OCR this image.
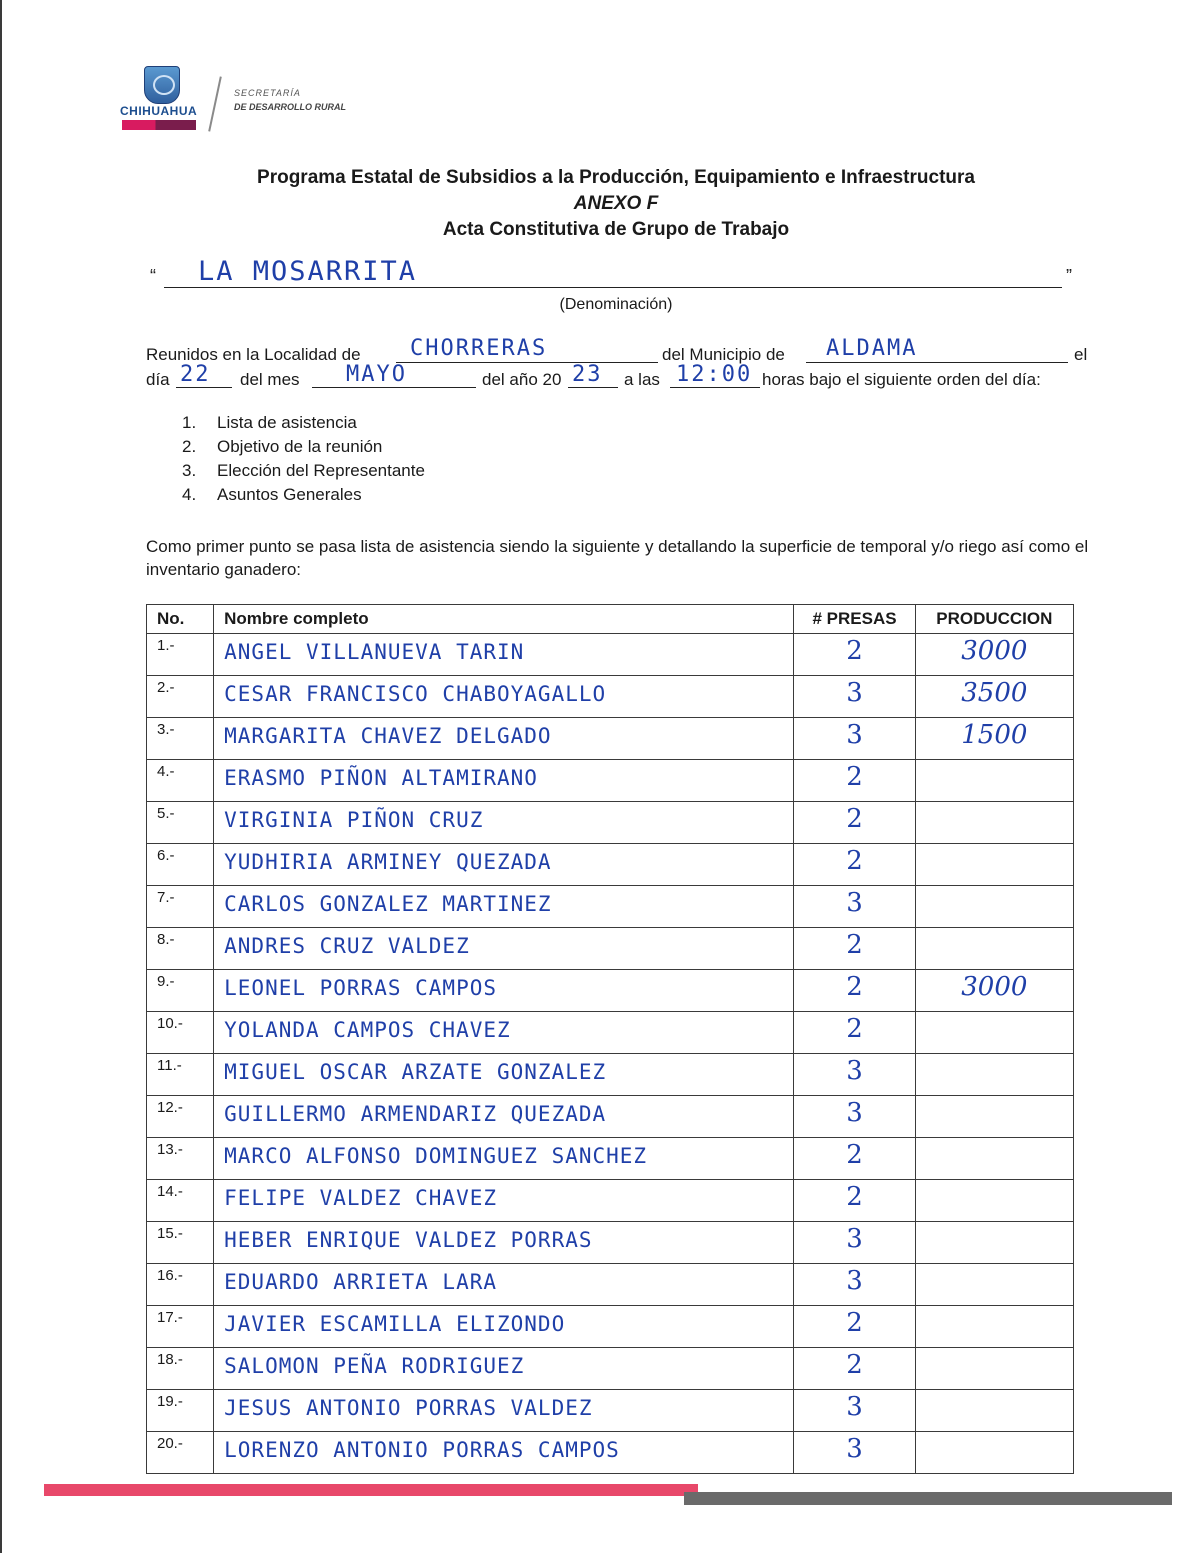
CHIHUAHUA
SECRETARÍA
DE DESARROLLO RURAL
Programa Estatal de Subsidios a la Producción, Equipamiento e Infraestructura
ANEXO F
Acta Constitutiva de Grupo de Trabajo
“ LA MOSARRITA	”
(Denominación)
Reunidos en la Localidad de CHORRERAS	del Municipio de ALDAMA	el
día 22 del mes MAYO	del año 20 23 a las 12:00 horas bajo el siguiente orden del día:
1. Lista de asistencia
2. Objetivo de la reunión
3. Elección del Representante
4. Asuntos Generales
Como primer punto se pasa lista de asistencia siendo la siguiente y detallando la superficie de temporal y/o riego así como el inventario ganadero:
No.	Nombre completo	# PRESAS	PRODUCCION
1.-	ANGEL VILLANUEVA TARIN	2	3000
2.-	CESAR FRANCISCO CHABOYAGALLO	3	3500
3.-	MARGARITA CHAVEZ DELGADO	3	1500
4.-	ERASMO PIÑON ALTAMIRANO	2	
5.-	VIRGINIA PIÑON CRUZ	2	
6.-	YUDHIRIA ARMINEY QUEZADA	2	
7.-	CARLOS GONZALEZ MARTINEZ	3	
8.-	ANDRES CRUZ VALDEZ	2	
9.-	LEONEL PORRAS CAMPOS	2	3000
10.-	YOLANDA CAMPOS CHAVEZ	2	
11.-	MIGUEL OSCAR ARZATE GONZALEZ	3	
12.-	GUILLERMO ARMENDARIZ QUEZADA	3	
13.-	MARCO ALFONSO DOMINGUEZ SANCHEZ	2	
14.-	FELIPE VALDEZ CHAVEZ	2	
15.-	HEBER ENRIQUE VALDEZ PORRAS	3	
16.-	EDUARDO ARRIETA LARA	3	
17.-	JAVIER ESCAMILLA ELIZONDO	2	
18.-	SALOMON PEÑA RODRIGUEZ	2	
19.-	JESUS ANTONIO PORRAS VALDEZ	3	
20.-	LORENZO ANTONIO PORRAS CAMPOS	3	
